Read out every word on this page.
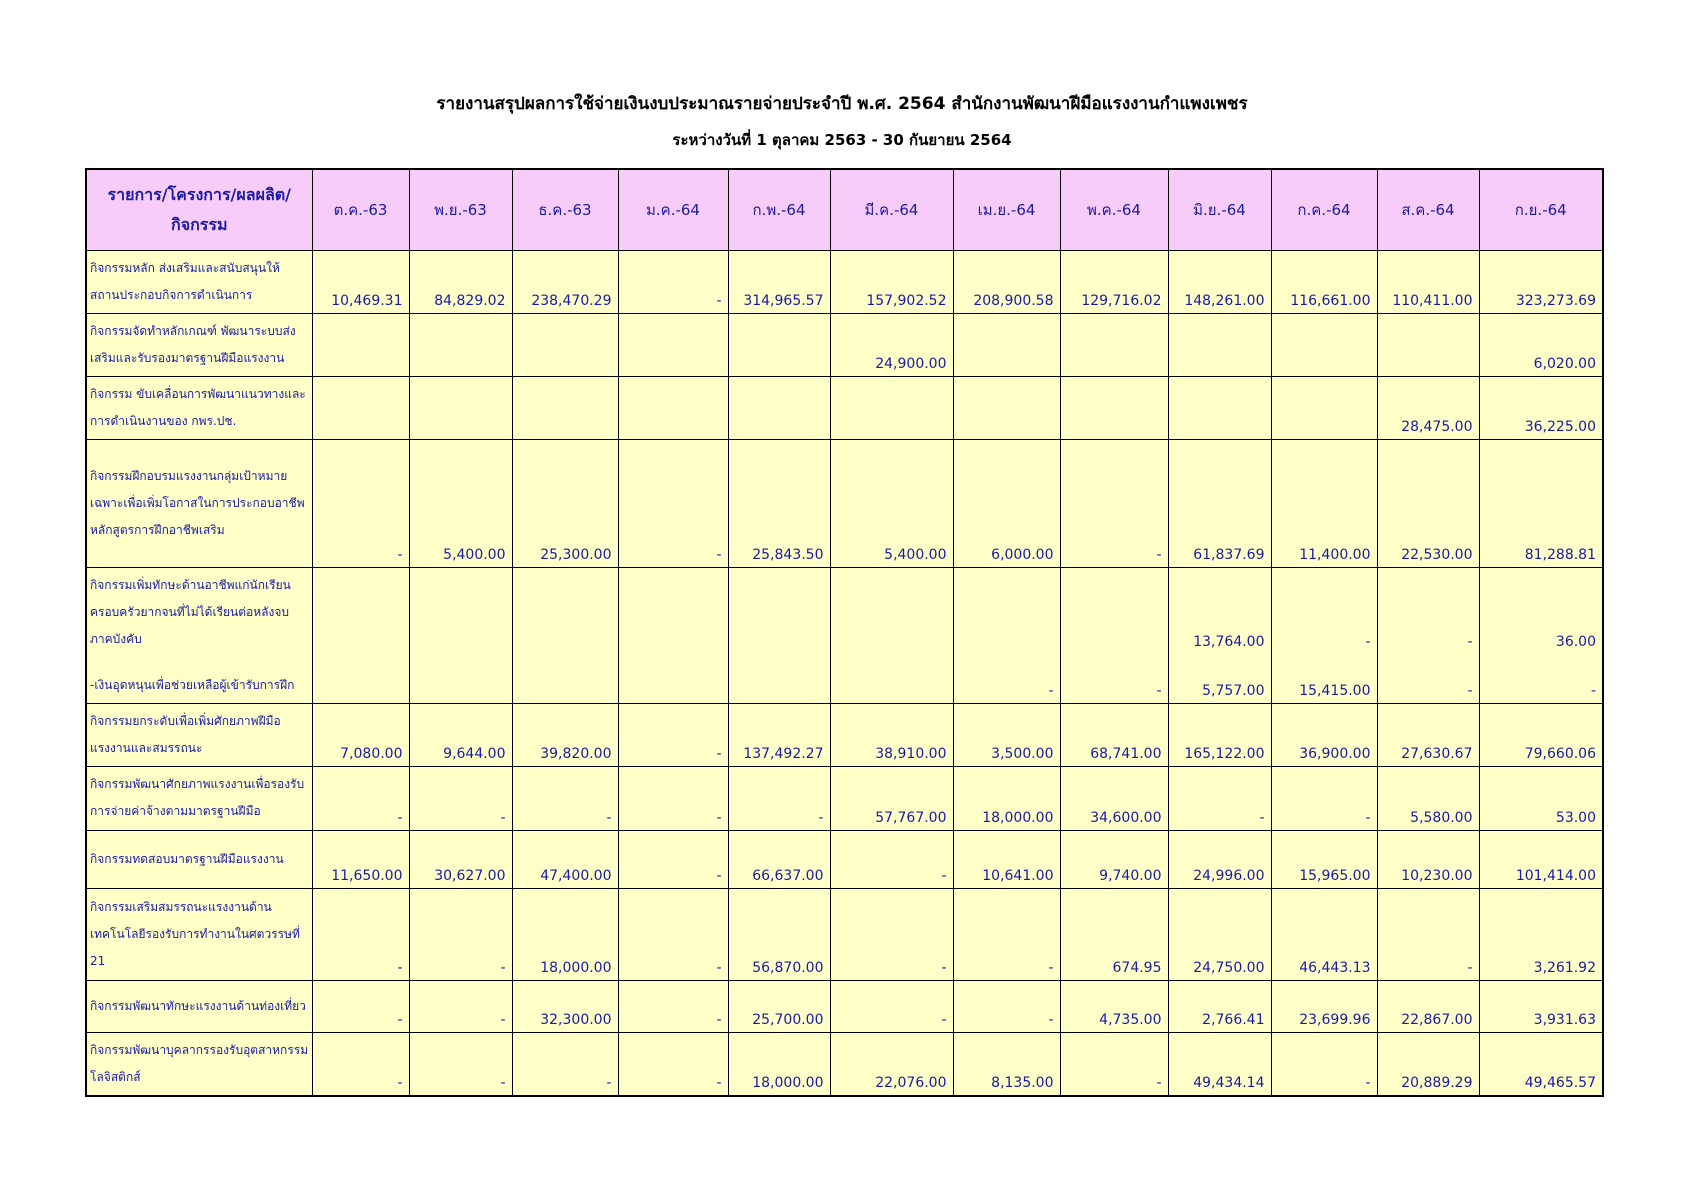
รายงานสรุปผลการใช้จ่ายเงินงบประมาณรายจ่ายประจำปี พ.ศ. 2564 สำนักงานพัฒนาฝีมือแรงงานกำแพงเพชร
ระหว่างวันที่ 1 ตุลาคม 2563 - 30 กันยายน 2564
รายการ/โครงการ/ผลผลิต/ กิจกรรม	ต.ค.-63	พ.ย.-63	ธ.ค.-63	ม.ค.-64	ก.พ.-64	มี.ค.-64	เม.ย.-64	พ.ค.-64	มิ.ย.-64	ก.ค.-64	ส.ค.-64	ก.ย.-64
กิจกรรมหลัก ส่งเสริมและสนับสนุนให้สถานประกอบกิจการดำเนินการ	10,469.31	84,829.02	238,470.29	-	314,965.57	157,902.52	208,900.58	129,716.02	148,261.00	116,661.00	110,411.00	323,273.69
กิจกรรมจัดทำหลักเกณฑ์ พัฒนาระบบส่งเสริมและรับรองมาตรฐานฝีมือแรงงาน						24,900.00						6,020.00
กิจกรรม ขับเคลื่อนการพัฒนาแนวทางและการดำเนินงานของ กพร.ปช.											28,475.00	36,225.00
กิจกรรมฝึกอบรมแรงงานกลุ่มเป้าหมายเฉพาะเพื่อเพิ่มโอกาสในการประกอบอาชีพ หลักสูตรการฝึกอาชีพเสริม	-	5,400.00	25,300.00	-	25,843.50	5,400.00	6,000.00	-	61,837.69	11,400.00	22,530.00	81,288.81
กิจกรรมเพิ่มทักษะด้านอาชีพแก่นักเรียนครอบครัวยากจนที่ไม่ได้เรียนต่อหลังจบภาคบังคับ									13,764.00	-	-	36.00
-เงินอุดหนุนเพื่อช่วยเหลือผู้เข้ารับการฝึก							-	-	5,757.00	15,415.00	-	-
กิจกรรมยกระดับเพื่อเพิ่มศักยภาพฝีมือแรงงานและสมรรถนะ	7,080.00	9,644.00	39,820.00	-	137,492.27	38,910.00	3,500.00	68,741.00	165,122.00	36,900.00	27,630.67	79,660.06
กิจกรรมพัฒนาศักยภาพแรงงานเพื่อรองรับการจ่ายค่าจ้างตามมาตรฐานฝีมือ	-	-	-	-	-	57,767.00	18,000.00	34,600.00	-	-	5,580.00	53.00
กิจกรรมทดสอบมาตรฐานฝีมือแรงงาน	11,650.00	30,627.00	47,400.00	-	66,637.00	-	10,641.00	9,740.00	24,996.00	15,965.00	10,230.00	101,414.00
กิจกรรมเสริมสมรรถนะแรงงานด้านเทคโนโลยีรองรับการทำงานในศตวรรษที่ 21	-	-	18,000.00	-	56,870.00	-	-	674.95	24,750.00	46,443.13	-	3,261.92
กิจกรรมพัฒนาทักษะแรงงานด้านท่องเที่ยว	-	-	32,300.00	-	25,700.00	-	-	4,735.00	2,766.41	23,699.96	22,867.00	3,931.63
กิจกรรมพัฒนาบุคลากรรองรับอุตสาหกรรมโลจิสติกส์	-	-	-	-	18,000.00	22,076.00	8,135.00	-	49,434.14	-	20,889.29	49,465.57
